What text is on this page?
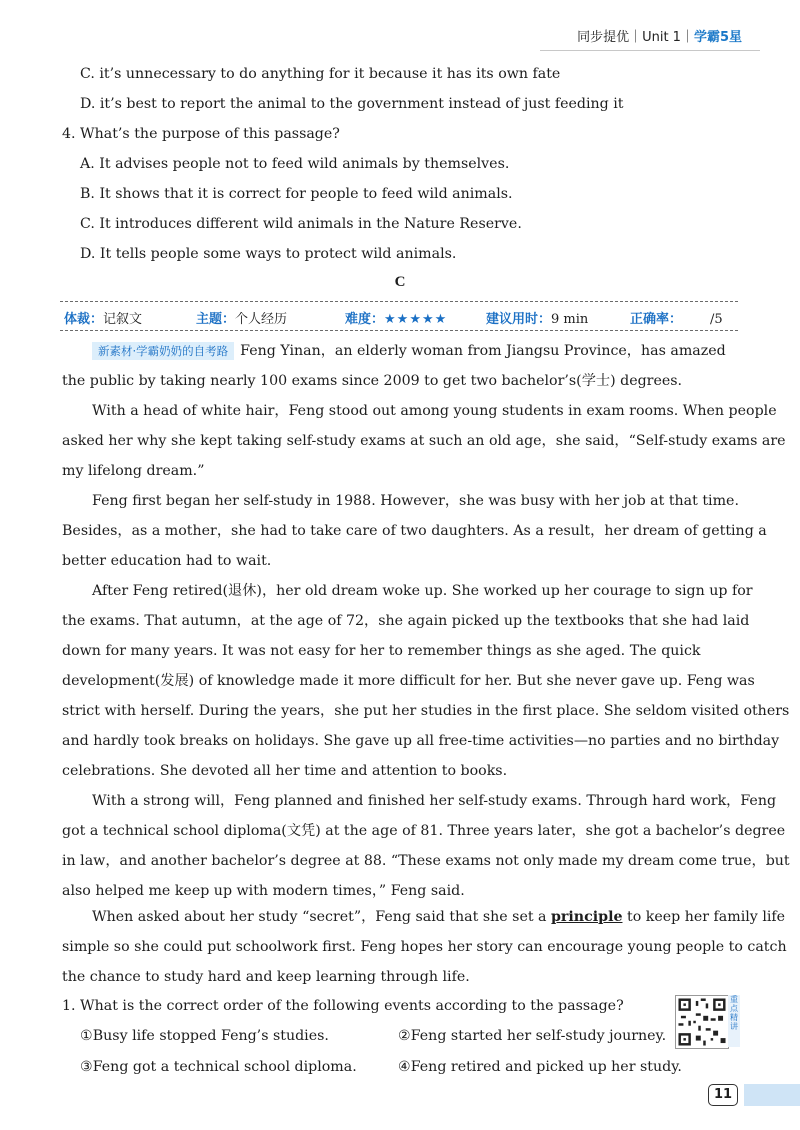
同步提优｜Unit 1｜学霸5星
C. it’s unnecessary to do anything for it because it has its own fate
D. it’s best to report the animal to the government instead of just feeding it
4. What’s the purpose of this passage?
A. It advises people not to feed wild animals by themselves.
B. It shows that it is correct for people to feed wild animals.
C. It introduces different wild animals in the Nature Reserve.
D. It tells people some ways to protect wild animals.
C
体裁：记叙文	主题：个人经历	难度：★★★★★	建议用时：9 min	正确率： /5
新素材·学霸奶奶的自考路 Feng Yinan，an elderly woman from Jiangsu Province，has amazed
the public by taking nearly 100 exams since 2009 to get two bachelor’s(学士) degrees.
With a head of white hair，Feng stood out among young students in exam rooms. When people
asked her why she kept taking self-study exams at such an old age，she said，“Self-study exams are
my lifelong dream.”
Feng first began her self-study in 1988. However，she was busy with her job at that time.
Besides，as a mother，she had to take care of two daughters. As a result，her dream of getting a
better education had to wait.
After Feng retired(退休)，her old dream woke up. She worked up her courage to sign up for
the exams. That autumn，at the age of 72，she again picked up the textbooks that she had laid
down for many years. It was not easy for her to remember things as she aged. The quick
development(发展) of knowledge made it more difficult for her. But she never gave up. Feng was
strict with herself. During the years，she put her studies in the first place. She seldom visited others
and hardly took breaks on holidays. She gave up all free-time activities—no parties and no birthday
celebrations. She devoted all her time and attention to books.
With a strong will，Feng planned and finished her self-study exams. Through hard work，Feng
got a technical school diploma(文凭) at the age of 81. Three years later，she got a bachelor’s degree
in law，and another bachelor’s degree at 88. “These exams not only made my dream come true，but
also helped me keep up with modern times，” Feng said.
When asked about her study “secret”，Feng said that she set a principle to keep her family life
simple so she could put schoolwork first. Feng hopes her story can encourage young people to catch
the chance to study hard and keep learning through life.
1. What is the correct order of the following events according to the passage?
①Busy life stopped Feng’s studies.	②Feng started her self-study journey.
③Feng got a technical school diploma.	④Feng retired and picked up her study.
重点精讲
11
